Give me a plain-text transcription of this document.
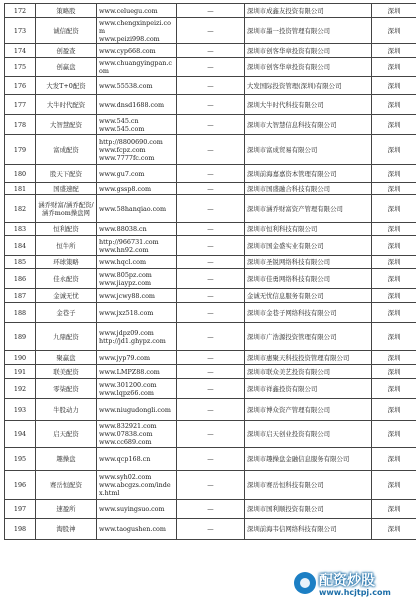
172	策略股	www.celuegu.com	—	深圳市成鑫友投资有限公司	深圳
173	诚信配资	www.chengxinpeizi.com
www.peizi998.com	—	深圳市墨一投资管理有限公司	深圳
174	创盈查	www.cyp668.com	—	深圳市创客华章投资有限公司	深圳
175	创赢盘	www.chuangyingpan.com	—	深圳市创客华章投资有限公司	深圳
176	大发T+0配资	www.55538.com	—	大发国际投资管理(深圳)有限公司	深圳
177	大牛时代配资	www.dnsd1688.com	—	深圳大牛时代科技有限公司	深圳
178	大智慧配资	www.545.cn
www.545.com	—	深圳市大智慧信息科技有限公司	深圳
179	富成配资	http://8800690.com
www.fcpz.com
www.7777fc.com	—	深圳市富成贸易有限公司	深圳
180	股天下配资	www.gu7.com	—	深圳前海嘉嘉资本管理有限公司	深圳
181	国盛速配	www.gssp8.com	—	深圳市国盛融合科技有限公司	深圳
182	涵乔财富/涵乔配资/涵乔mom操盘网	www.58hanqiao.com	—	深圳市涵乔财富资产管理有限公司	深圳
183	恒利配资	www.88038.cn	—	深圳市恒利科技有限公司	深圳
184	恒牛所	http://966731.com
www.hn92.com	—	深圳市国金盛实业有限公司	深圳
185	环球策略	www.hqcl.com	—	深圳市圣锐网络科技有限公司	深圳
186	佳永配资	www.805pz.com
www.jiaypz.com	—	深圳市佳勇网络科技有限公司	深圳
187	金诚无忧	www.jcwy88.com	—	金诚无忧信息服务有限公司	深圳
188	金巷子	www.jxz518.com	—	深圳市金巷子网络科技有限公司	深圳
189	九鼎配资	www.jdpz09.com
http://jd1.ghypz.com	—	深圳市广浩源投资管理有限公司	深圳
190	聚赢盘	www.jyp79.com	—	深圳市惠聚天科技投资管理有限公司	深圳
191	联美配资	www.LMPZ88.com	—	深圳市联众美艺投资有限公司	深圳
192	零柒配资	www.301200.com
www.lqpz66.com	—	深圳市祥鑫投资有限公司	深圳
193	牛股动力	www.niugudongli.com	—	深圳市博众资产管理有限公司	深圳
194	启天配资	www.832921.com
www.07838.com
www.cc689.com	—	深圳市启天创业投资有限公司	深圳
195	趣操盘	www.qcp168.cn	—	深圳市趣操盘金融信息服务有限公司	深圳
196	赛岳恒配资	www.syh02.com
www.abcgzs.com/index.html	—	深圳市赛岳恒科技有限公司	深圳
197	速盈所	www.suyingsuo.com	—	深圳市国利顺投资有限公司	深圳
198	淘股神	www.taogushen.com	—	深圳前海韦信网络科技有限公司	深圳
配资炒股
www.hcjtpj.com
